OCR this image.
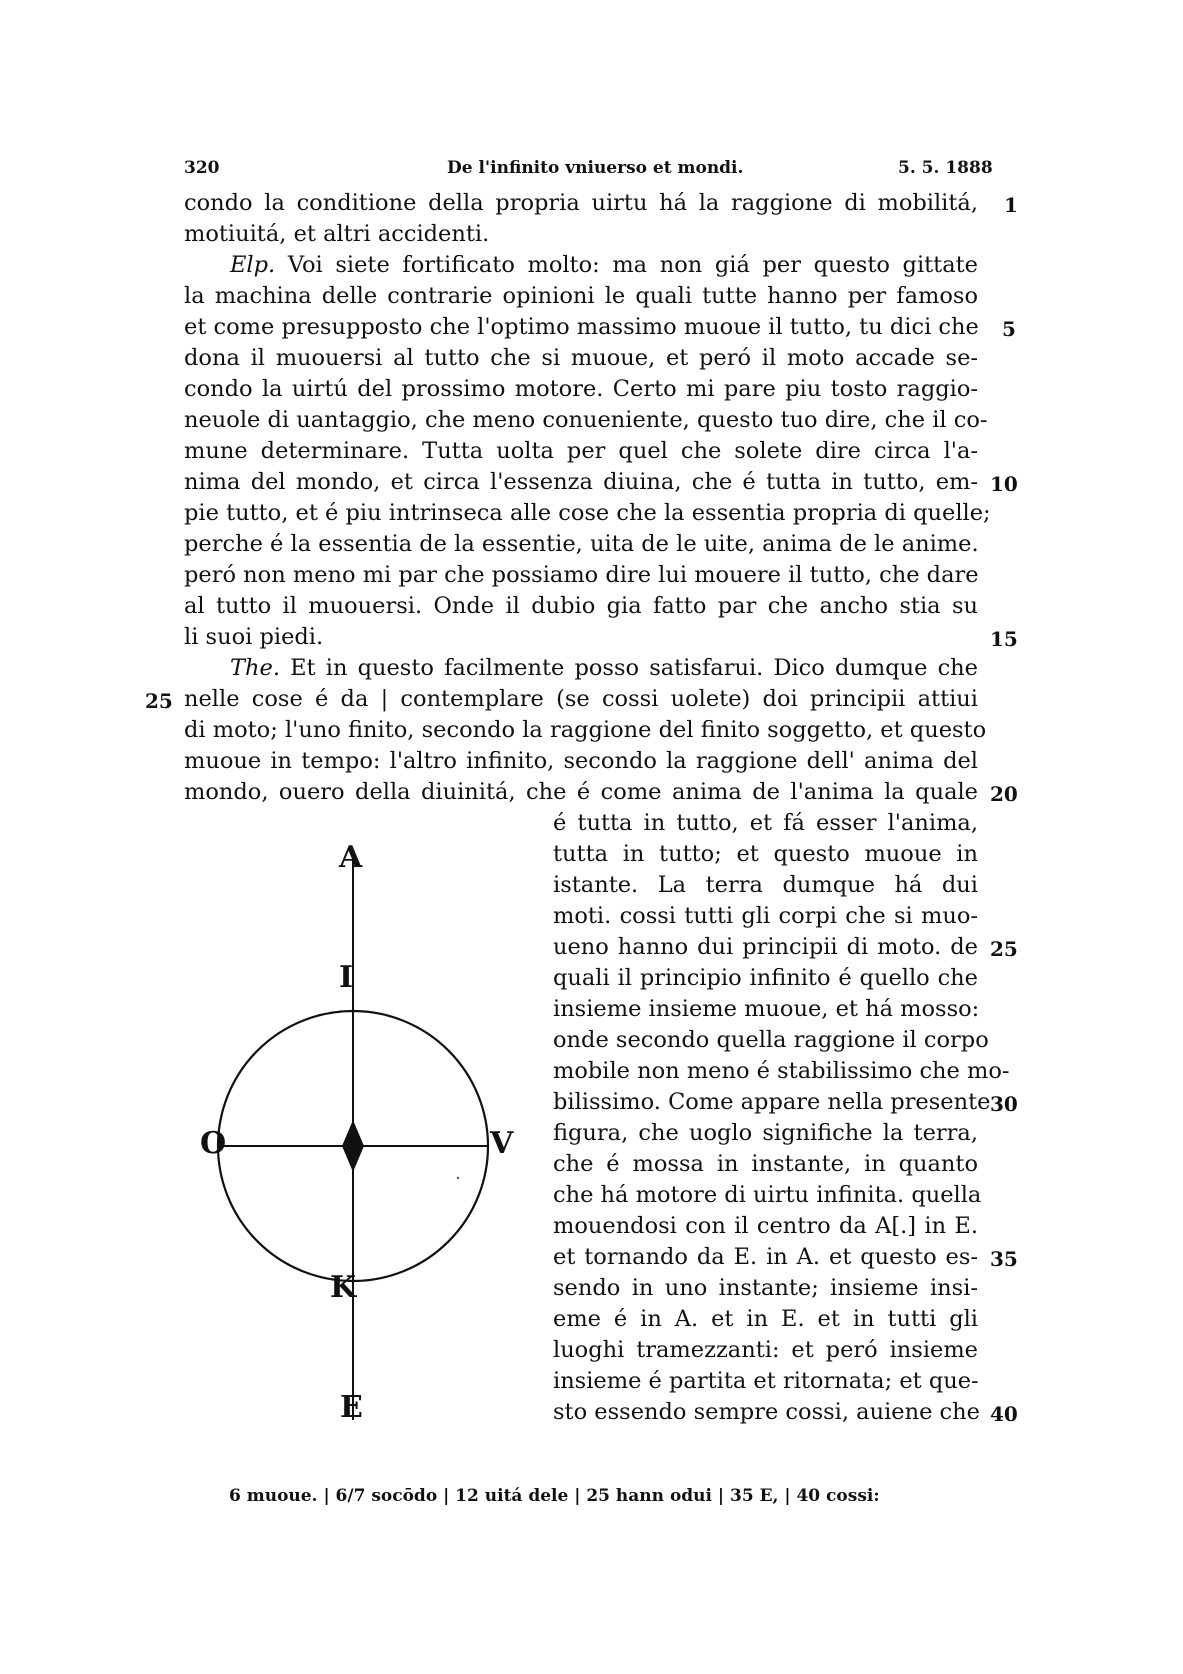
320	De l'infinito vniuerso et mondi.	5. 5. 1888
condo la conditione della propria uirtu há la raggione di mobilitá,
motiuitá, et altri accidenti.
Elp. Voi siete fortificato molto: ma non giá per questo gittate
la machina delle contrarie opinioni le quali tutte hanno per famoso
et come presupposto che l'optimo massimo muoue il tutto, tu dici che
dona il muouersi al tutto che si muoue, et peró il moto accade se-
condo la uirtú del prossimo motore. Certo mi pare piu tosto raggio-
neuole di uantaggio, che meno conueniente, questo tuo dire, che il co-
mune determinare. Tutta uolta per quel che solete dire circa l'a-
nima del mondo, et circa l'essenza diuina, che é tutta in tutto, em-
pie tutto, et é piu intrinseca alle cose che la essentia propria di quelle;
perche é la essentia de la essentie, uita de le uite, anima de le anime.
peró non meno mi par che possiamo dire lui mouere il tutto, che dare
al tutto il muouersi. Onde il dubio gia fatto par che ancho stia su
li suoi piedi.
The. Et in questo facilmente posso satisfarui. Dico dumque che
nelle cose é da | contemplare (se cossi uolete) doi principii attiui
di moto; l'uno finito, secondo la raggione del finito soggetto, et questo
muoue in tempo: l'altro infinito, secondo la raggione dell' anima del
mondo, ouero della diuinitá, che é come anima de l'anima la quale
é tutta in tutto, et fá esser l'anima,
tutta in tutto; et questo muoue in
istante. La terra dumque há dui
moti. cossi tutti gli corpi che si muo-
ueno hanno dui principii di moto. de
quali il principio infinito é quello che
insieme insieme muoue, et há mosso:
onde secondo quella raggione il corpo
mobile non meno é stabilissimo che mo-
bilissimo. Come appare nella presente
figura, che uoglo significhe la terra,
che é mossa in instante, in quanto
che há motore di uirtu infinita. quella
mouendosi con il centro da A[.] in E.
et tornando da E. in A. et questo es-
sendo in uno instante; insieme insi-
eme é in A. et in E. et in tutti gli
luoghi tramezzanti: et peró insieme
insieme é partita et ritornata; et que-
sto essendo sempre cossi, auiene che
1
5
10
15
20
25
30
35
40
25
A
I
O	V
K
E
6 muoue. | 6/7 socōdo | 12 uitá dele | 25 hann odui | 35 E, | 40 cossi:
